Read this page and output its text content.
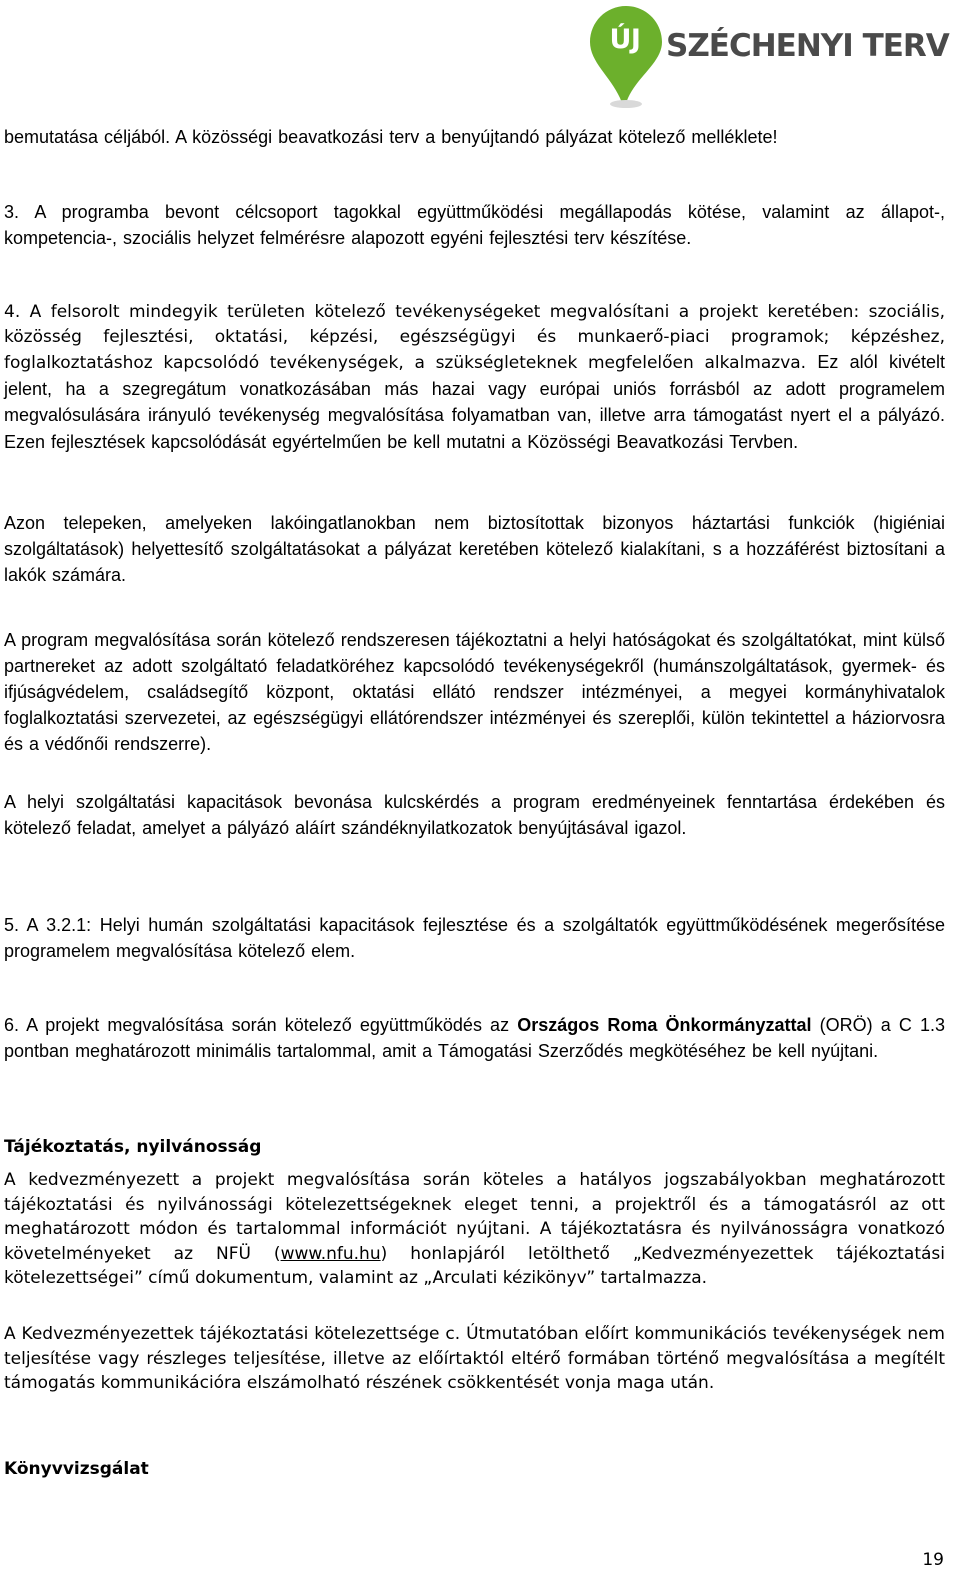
ÚJ SZÉCHENYI TERV

bemutatása céljából. A közösségi beavatkozási terv a benyújtandó pályázat kötelező melléklete!

3. A programba bevont célcsoport tagokkal együttműködési megállapodás kötése, valamint az állapot-, kompetencia-, szociális helyzet felmérésre alapozott egyéni fejlesztési terv készítése.

4. A felsorolt mindegyik területen kötelező tevékenységeket megvalósítani a projekt keretében: szociális, közösség fejlesztési, oktatási, képzési, egészségügyi és munkaerő-piaci programok; képzéshez, foglalkoztatáshoz kapcsolódó tevékenységek, a szükségleteknek megfelelően alkalmazva. Ez alól kivételt jelent, ha a szegregátum vonatkozásában más hazai vagy európai uniós forrásból az adott programelem megvalósulására irányuló tevékenység megvalósítása folyamatban van, illetve arra támogatást nyert el a pályázó. Ezen fejlesztések kapcsolódását egyértelműen be kell mutatni a Közösségi Beavatkozási Tervben.

Azon telepeken, amelyeken lakóingatlanokban nem biztosítottak bizonyos háztartási funkciók (higiéniai szolgáltatások) helyettesítő szolgáltatásokat a pályázat keretében kötelező kialakítani, s a hozzáférést biztosítani a lakók számára.

A program megvalósítása során kötelező rendszeresen tájékoztatni a helyi hatóságokat és szolgáltatókat, mint külső partnereket az adott szolgáltató feladatköréhez kapcsolódó tevékenységekről (humánszolgáltatások, gyermek- és ifjúságvédelem, családsegítő központ, oktatási ellátó rendszer intézményei, a megyei kormányhivatalok foglalkoztatási szervezetei, az egészségügyi ellátórendszer intézményei és szereplői, külön tekintettel a háziorvosra és a védőnői rendszerre).

A helyi szolgáltatási kapacitások bevonása kulcskérdés a program eredményeinek fenntartása érdekében és kötelező feladat, amelyet a pályázó aláírt szándéknyilatkozatok benyújtásával igazol.

5. A 3.2.1: Helyi humán szolgáltatási kapacitások fejlesztése és a szolgáltatók együttműködésének megerősítése programelem megvalósítása kötelező elem.

6. A projekt megvalósítása során kötelező együttműködés az Országos Roma Önkormányzattal (ORÖ) a C 1.3 pontban meghatározott minimális tartalommal, amit a Támogatási Szerződés megkötéséhez be kell nyújtani.

Tájékoztatás, nyilvánosság

A kedvezményezett a projekt megvalósítása során köteles a hatályos jogszabályokban meghatározott tájékoztatási és nyilvánossági kötelezettségeknek eleget tenni, a projektről és a támogatásról az ott meghatározott módon és tartalommal információt nyújtani. A tájékoztatásra és nyilvánosságra vonatkozó követelményeket az NFÜ (www.nfu.hu) honlapjáról letölthető „Kedvezményezettek tájékoztatási kötelezettségei” című dokumentum, valamint az „Arculati kézikönyv” tartalmazza.

A Kedvezményezettek tájékoztatási kötelezettsége c. Útmutatóban előírt kommunikációs tevékenységek nem teljesítése vagy részleges teljesítése, illetve az előírtaktól eltérő formában történő megvalósítása a megítélt támogatás kommunikációra elszámolható részének csökkentését vonja maga után.

Könyvvizsgálat
19
